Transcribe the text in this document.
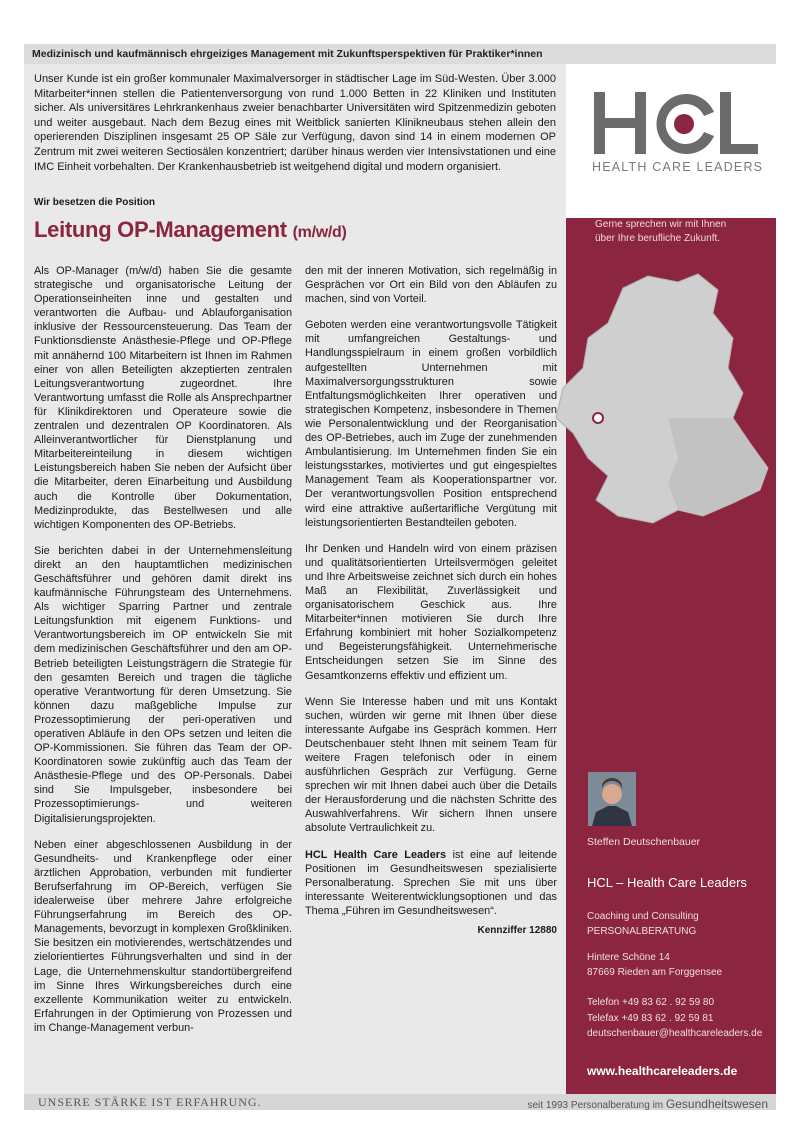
Medizinisch und kaufmännisch ehrgeiziges Management mit Zukunftsperspektiven für Praktiker*innen
Unser Kunde ist ein großer kommunaler Maximalversorger in städtischer Lage im Süd-Westen. Über 3.000 Mitarbeiter*innen stellen die Patientenversorgung von rund 1.000 Betten in 22 Kliniken und Instituten sicher. Als universitäres Lehrkrankenhaus zweier benachbarter Universitäten wird Spitzenmedizin geboten und weiter ausgebaut. Nach dem Bezug eines mit Weitblick sanierten Klinikneubaus stehen allein den operierenden Disziplinen insgesamt 25 OP Säle zur Verfügung, davon sind 14 in einem modernen OP Zentrum mit zwei weiteren Sectiosälen konzentriert; darüber hinaus werden vier Intensivstationen und eine IMC Einheit vorbehalten. Der Krankenhausbetrieb ist weitgehend digital und modern organisiert.
Wir besetzen die Position
Leitung OP-Management (m/w/d)

Als OP-Manager (m/w/d) haben Sie die gesamte strategische und organisatorische Leitung der Operationseinheiten inne und gestalten und verantworten die Aufbau- und Ablauforganisation inklusive der Ressourcensteuerung. Das Team der Funktionsdienste Anästhesie-Pflege und OP-Pflege mit annähernd 100 Mitarbeitern ist Ihnen im Rahmen einer von allen Beteiligten akzeptierten zentralen Leitungsverantwortung zugeordnet. Ihre Verantwortung umfasst die Rolle als Ansprechpartner für Klinikdirektoren und Operateure sowie die zentralen und dezentralen OP Koordinatoren. Als Alleinverantwortlicher für Dienstplanung und Mitarbeitereinteilung in diesem wichtigen Leistungsbereich haben Sie neben der Aufsicht über die Mitarbeiter, deren Einarbeitung und Ausbildung auch die Kontrolle über Dokumentation, Medizinprodukte, das Bestellwesen und alle wichtigen Komponenten des OP-Betriebs.

Sie berichten dabei in der Unternehmensleitung direkt an den hauptamtlichen medizinischen Geschäftsführer und gehören damit direkt ins kaufmännische Führungsteam des Unternehmens. Als wichtiger Sparring Partner und zentrale Leitungsfunktion mit eigenem Funktions- und Verantwortungsbereich im OP entwickeln Sie mit dem medizinischen Geschäftsführer und den am OP-Betrieb beteiligten Leistungsträgern die Strategie für den gesamten Bereich und tragen die tägliche operative Verantwortung für deren Umsetzung. Sie können dazu maßgebliche Impulse zur Prozessoptimierung der peri-operativen und operativen Abläufe in den OPs setzen und leiten die OP-Kommissionen. Sie führen das Team der OP-Koordinatoren sowie zukünftig auch das Team der Anästhesie-Pflege und des OP-Personals. Dabei sind Sie Impulsgeber, insbesondere bei Prozessoptimierungs- und weiteren Digitalisierungsprojekten.

Neben einer abgeschlossenen Ausbildung in der Gesundheits- und Krankenpflege oder einer ärztlichen Approbation, verbunden mit fundierter Berufserfahrung im OP-Bereich, verfügen Sie idealerweise über mehrere Jahre erfolgreiche Führungserfahrung im Bereich des OP-Managements, bevorzugt in komplexen Großkliniken. Sie besitzen ein motivierendes, wertschätzendes und zielorientiertes Führungsverhalten und sind in der Lage, die Unternehmenskultur standortübergreifend im Sinne Ihres Wirkungsbereiches durch eine exzellente Kommunikation weiter zu entwickeln. Erfahrungen in der Optimierung von Prozessen und im Change-Management verbun-

den mit der inneren Motivation, sich regelmäßig in Gesprächen vor Ort ein Bild von den Abläufen zu machen, sind von Vorteil.

Geboten werden eine verantwortungsvolle Tätigkeit mit umfangreichen Gestaltungs- und Handlungsspielraum in einem großen vorbildlich aufgestellten Unternehmen mit Maximalversorgungsstrukturen sowie Entfaltungsmöglichkeiten Ihrer operativen und strategischen Kompetenz, insbesondere in Themen wie Personalentwicklung und der Reorganisation des OP-Betriebes, auch im Zuge der zunehmenden Ambulantisierung. Im Unternehmen finden Sie ein leistungsstarkes, motiviertes und gut eingespieltes Management Team als Kooperationspartner vor. Der verantwortungsvollen Position entsprechend wird eine attraktive außertarifliche Vergütung mit leistungsorientierten Bestandteilen geboten.

Ihr Denken und Handeln wird von einem präzisen und qualitätsorientierten Urteilsvermögen geleitet und Ihre Arbeitsweise zeichnet sich durch ein hohes Maß an Flexibilität, Zuverlässigkeit und organisatorischem Geschick aus. Ihre Mitarbeiter*innen motivieren Sie durch Ihre Erfahrung kombiniert mit hoher Sozialkompetenz und Begeisterungsfähigkeit. Unternehmerische Entscheidungen setzen Sie im Sinne des Gesamtkonzerns effektiv und effizient um.

Wenn Sie Interesse haben und mit uns Kontakt suchen, würden wir gerne mit Ihnen über diese interessante Aufgabe ins Gespräch kommen. Herr Deutschenbauer steht Ihnen mit seinem Team für weitere Fragen telefonisch oder in einem ausführlichen Gespräch zur Verfügung. Gerne sprechen wir mit Ihnen dabei auch über die Details der Herausforderung und die nächsten Schritte des Auswahlverfahrens. Wir sichern Ihnen unsere absolute Vertraulichkeit zu.

HCL Health Care Leaders ist eine auf leitende Positionen im Gesundheitswesen spezialisierte Personalberatung. Sprechen Sie mit uns über interessante Weiterentwicklungsoptionen und das Thema „Führen im Gesundheitswesen“.

Kennziffer 12880
HEALTH CARE LEADERS
Gerne sprechen wir mit Ihnen
über Ihre berufliche Zukunft.
Steffen Deutschenbauer
HCL – Health Care Leaders
Coaching und Consulting
PERSONALBERATUNG
Hintere Schöne 14
87669 Rieden am Forggensee
Telefon +49 83 62 . 92 59 80
Telefax +49 83 62 . 92 59 81
deutschenbauer@healthcareleaders.de
www.healthcareleaders.de
UNSERE STÄRKE IST ERFAHRUNG.	seit 1993 Personalberatung im Gesundheitswesen
